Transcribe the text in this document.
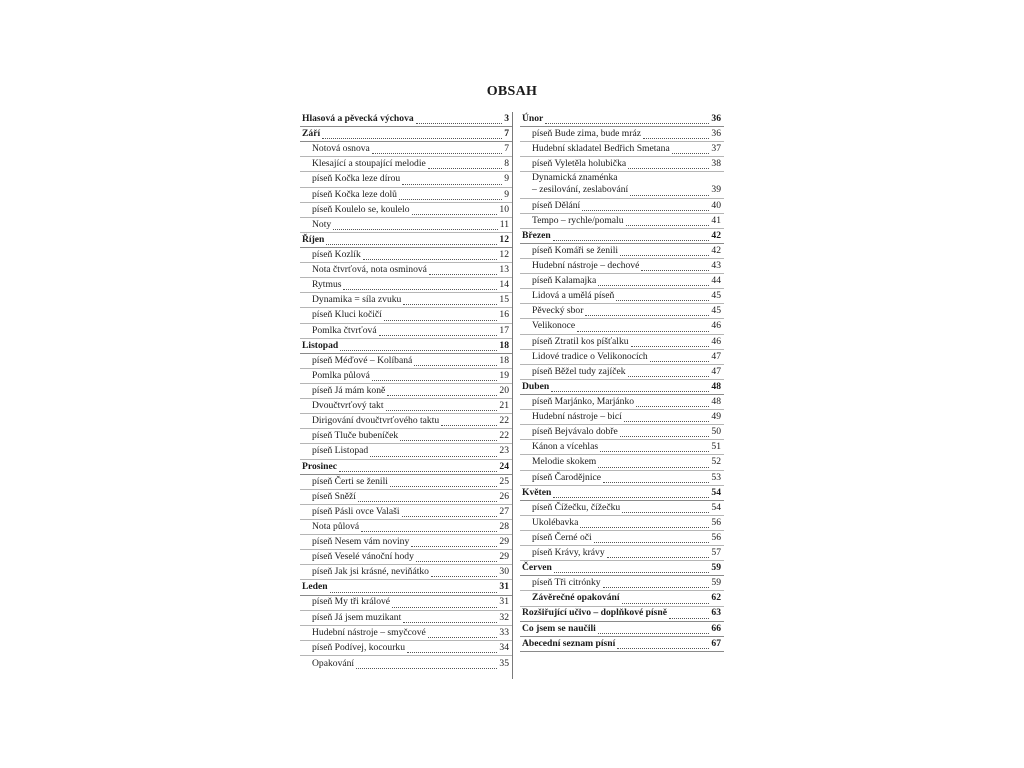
OBSAH
Hlasová a pěvecká výchova	3
Září	7
Notová osnova	7
Klesající a stoupající melodie	8
píseň Kočka leze dírou	9
píseň Kočka leze dolů	9
píseň Koulelo se, koulelo	10
Noty	11
Říjen	12
píseň Kozlík	12
Nota čtvrťová, nota osminová	13
Rytmus	14
Dynamika = síla zvuku	15
píseň Kluci kočičí	16
Pomlka čtvrťová	17
Listopad	18
píseň Méďové – Kolíbaná	18
Pomlka půlová	19
píseň Já mám koně	20
Dvoučtvrťový takt	21
Dirigování dvoučtvrťového taktu	22
píseň Tluče bubeníček	22
píseň Listopad	23
Prosinec	24
píseň Čerti se ženili	25
píseň Sněží	26
píseň Pásli ovce Valaši	27
Nota půlová	28
píseň Nesem vám noviny	29
píseň Veselé vánoční hody	29
píseň Jak jsi krásné, neviňátko	30
Leden	31
píseň My tři králové	31
píseň Já jsem muzikant	32
Hudební nástroje – smyčcové	33
píseň Podívej, kocourku	34
Opakování	35
Únor	36
píseň Bude zima, bude mráz	36
Hudební skladatel Bedřich Smetana	37
píseň Vyletěla holubička	38
Dynamická znaménka
– zesilování, zeslabování	39
píseň Dělání	40
Tempo – rychle/pomalu	41
Březen	42
píseň Komáři se ženili	42
Hudební nástroje – dechové	43
píseň Kalamajka	44
Lidová a umělá píseň	45
Pěvecký sbor	45
Velikonoce	46
píseň Ztratil kos píšťalku	46
Lidové tradice o Velikonocích	47
píseň Běžel tudy zajíček	47
Duben	48
píseň Marjánko, Marjánko	48
Hudební nástroje – bicí	49
píseň Bejvávalo dobře	50
Kánon a vícehlas	51
Melodie skokem	52
píseň Čarodějnice	53
Květen	54
píseň Čížečku, čížečku	54
Ukolébavka	56
píseň Černé oči	56
píseň Krávy, krávy	57
Červen	59
píseň Tři citrónky	59
Závěrečné opakování	62
Rozšiřující učivo – doplňkové písně	63
Co jsem se naučili	66
Abecední seznam písní	67
